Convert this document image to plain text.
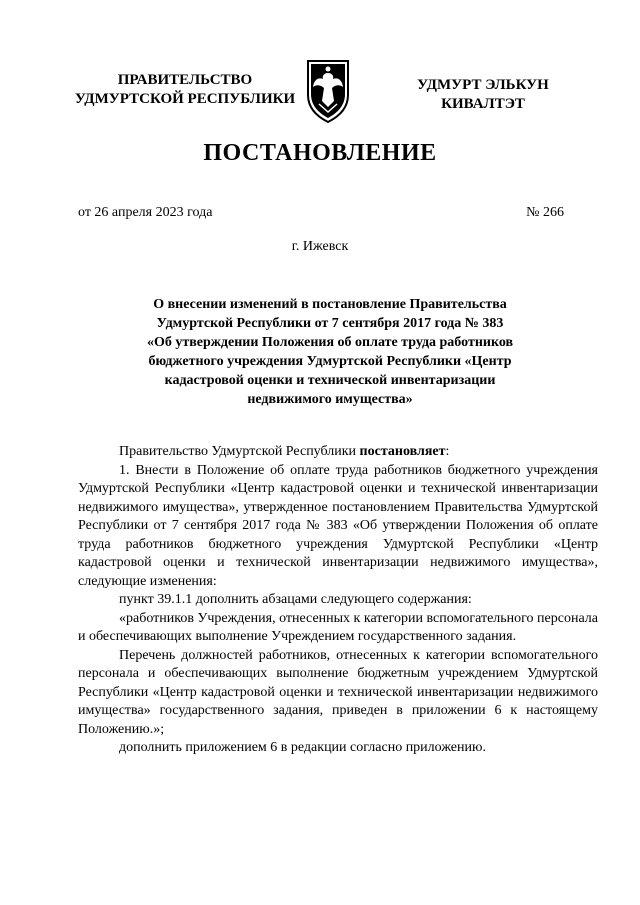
ПРАВИТЕЛЬСТВО
УДМУРТСКОЙ РЕСПУБЛИКИ
УДМУРТ ЭЛЬКУН
КИВАЛТЭТ
ПОСТАНОВЛЕНИЕ
от 26 апреля 2023 года	№ 266
г. Ижевск
О внесении изменений в постановление Правительства
Удмуртской Республики от 7 сентября 2017 года № 383
«Об утверждении Положения об оплате труда работников
бюджетного учреждения Удмуртской Республики «Центр
кадастровой оценки и технической инвентаризации
недвижимого имущества»

Правительство Удмуртской Республики постановляет:

1. Внести в Положение об оплате труда работников бюджетного учреждения Удмуртской Республики «Центр кадастровой оценки и технической инвентаризации недвижимого имущества», утвержденное постановлением Правительства Удмуртской Республики от 7 сентября 2017 года № 383 «Об утверждении Положения об оплате труда работников бюджетного учреждения Удмуртской Республики «Центр кадастровой оценки и технической инвентаризации недвижимого имущества», следующие изменения:

пункт 39.1.1 дополнить абзацами следующего содержания:

«работников Учреждения, отнесенных к категории вспомогательного персонала и обеспечивающих выполнение Учреждением государственного задания.

Перечень должностей работников, отнесенных к категории вспомогательного персонала и обеспечивающих выполнение бюджетным учреждением Удмуртской Республики «Центр кадастровой оценки и технической инвентаризации недвижимого имущества» государственного задания, приведен в приложении 6 к настоящему Положению.»;

дополнить приложением 6 в редакции согласно приложению.
